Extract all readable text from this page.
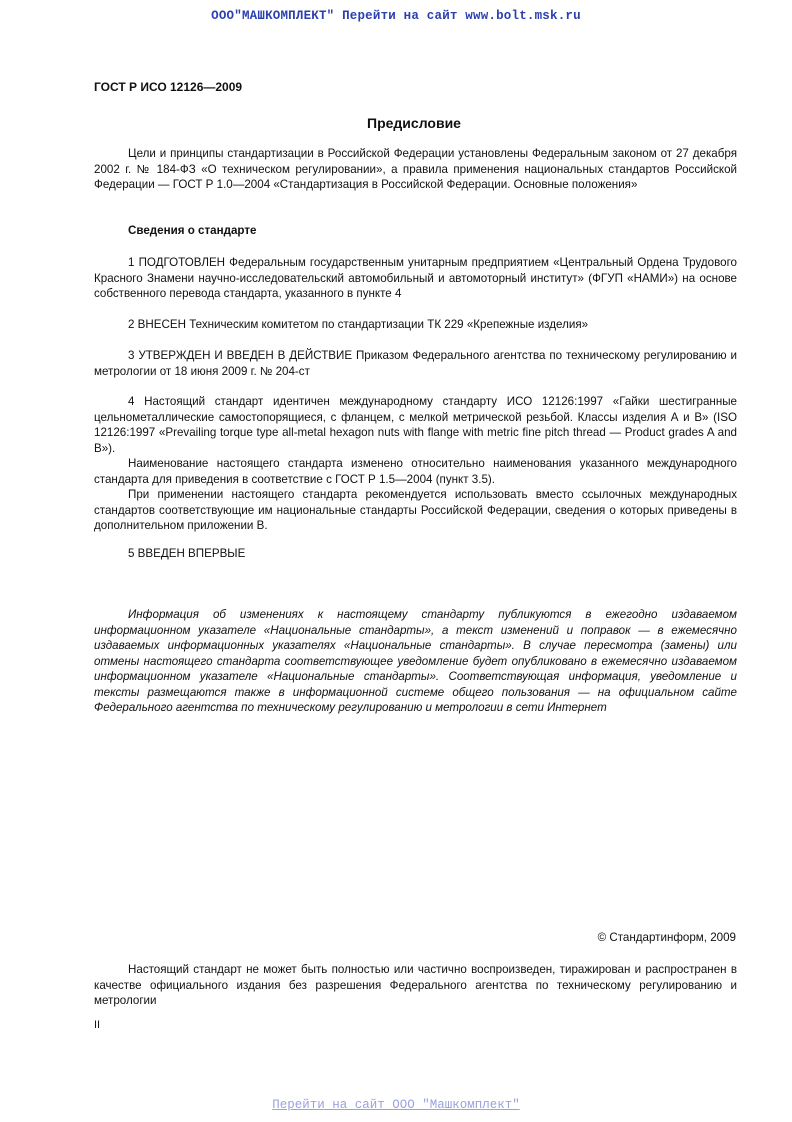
ООО"МАШКОМПЛЕКТ" Перейти на сайт www.bolt.msk.ru
ГОСТ Р ИСО 12126—2009
Предисловие

Цели и принципы стандартизации в Российской Федерации установлены Федеральным законом от 27 декабря 2002 г. № 184-ФЗ «О техническом регулировании», а правила применения национальных стандартов Российской Федерации — ГОСТ Р 1.0—2004 «Стандартизация в Российской Федерации. Основные положения»

Сведения о стандарте

1 ПОДГОТОВЛЕН Федеральным государственным унитарным предприятием «Центральный Ордена Трудового Красного Знамени научно-исследовательский автомобильный и автомоторный институт» (ФГУП «НАМИ») на основе собственного перевода стандарта, указанного в пункте 4

2 ВНЕСЕН Техническим комитетом по стандартизации ТК 229 «Крепежные изделия»

3 УТВЕРЖДЕН И ВВЕДЕН В ДЕЙСТВИЕ Приказом Федерального агентства по техническому регулированию и метрологии от 18 июня 2009 г. № 204-ст

4 Настоящий стандарт идентичен международному стандарту ИСО 12126:1997 «Гайки шестигранные цельнометаллические самостопорящиеся, с фланцем, с мелкой метрической резьбой. Классы изделия А и В» (ISO 12126:1997 «Prevailing torque type all-metal hexagon nuts with flange with metric fine pitch thread — Product grades A and B»).

Наименование настоящего стандарта изменено относительно наименования указанного международного стандарта для приведения в соответствие с ГОСТ Р 1.5—2004 (пункт 3.5).

При применении настоящего стандарта рекомендуется использовать вместо ссылочных международных стандартов соответствующие им национальные стандарты Российской Федерации, сведения о которых приведены в дополнительном приложении В.

5 ВВЕДЕН ВПЕРВЫЕ

Информация об изменениях к настоящему стандарту публикуются в ежегодно издаваемом информационном указателе «Национальные стандарты», а текст изменений и поправок — в ежемесячно издаваемых информационных указателях «Национальные стандарты». В случае пересмотра (замены) или отмены настоящего стандарта соответствующее уведомление будет опубликовано в ежемесячно издаваемом информационном указателе «Национальные стандарты». Соответствующая информация, уведомление и тексты размещаются также в информационной системе общего пользования — на официальном сайте Федерального агентства по техническому регулированию и метрологии в сети Интернет

© Стандартинформ, 2009

Настоящий стандарт не может быть полностью или частично воспроизведен, тиражирован и распространен в качестве официального издания без разрешения Федерального агентства по техническому регулированию и метрологии

II
Перейти на сайт ООО "Машкомплект"
